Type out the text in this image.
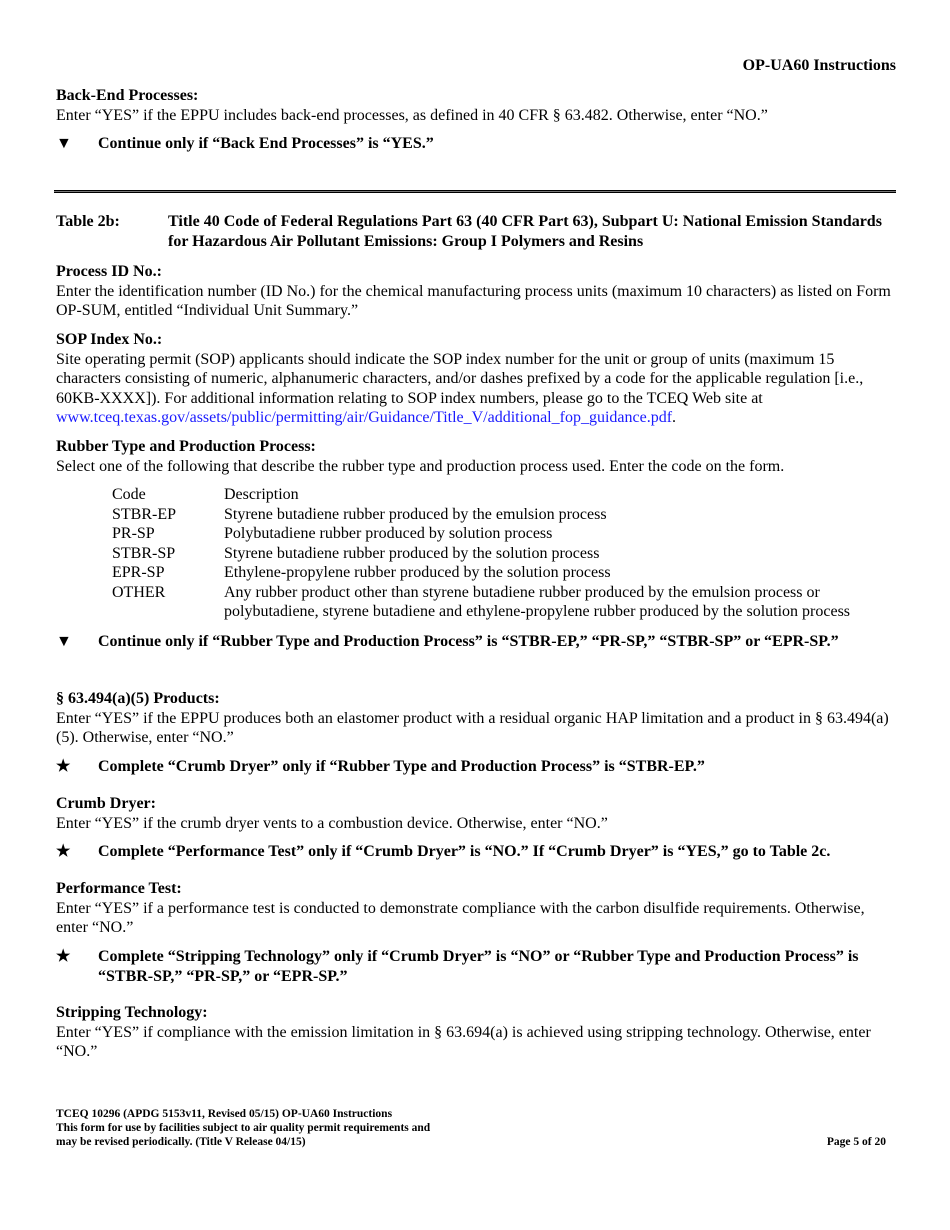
OP-UA60 Instructions

Back-End Processes:

Enter “YES” if the EPPU includes back-end processes, as defined in 40 CFR § 63.482. Otherwise, enter “NO.”

▼	Continue only if “Back End Processes” is “YES.”
Table 2b:	Title 40 Code of Federal Regulations Part 63 (40 CFR Part 63), Subpart U: National Emission Standards for Hazardous Air Pollutant Emissions: Group I Polymers and Resins

Process ID No.:

Enter the identification number (ID No.) for the chemical manufacturing process units (maximum 10 characters) as listed on Form OP-SUM, entitled “Individual Unit Summary.”

SOP Index No.:

Site operating permit (SOP) applicants should indicate the SOP index number for the unit or group of units (maximum 15 characters consisting of numeric, alphanumeric characters, and/or dashes prefixed by a code for the applicable regulation [i.e., 60KB-XXXX]). For additional information relating to SOP index numbers, please go to the TCEQ Web site at www.tceq.texas.gov/assets/public/permitting/air/Guidance/Title_V/additional_fop_guidance.pdf.

Rubber Type and Production Process:

Select one of the following that describe the rubber type and production process used. Enter the code on the form.

Code	Description
STBR-EP	Styrene butadiene rubber produced by the emulsion process
PR-SP	Polybutadiene rubber produced by solution process
STBR-SP	Styrene butadiene rubber produced by the solution process
EPR-SP	Ethylene-propylene rubber produced by the solution process
OTHER	Any rubber product other than styrene butadiene rubber produced by the emulsion process or polybutadiene, styrene butadiene and ethylene-propylene rubber produced by the solution process
▼	Continue only if “Rubber Type and Production Process” is “STBR-EP,” “PR-SP,” “STBR-SP” or “EPR-SP.”

§ 63.494(a)(5) Products:

Enter “YES” if the EPPU produces both an elastomer product with a residual organic HAP limitation and a product in § 63.494(a)(5). Otherwise, enter “NO.”

★	Complete “Crumb Dryer” only if “Rubber Type and Production Process” is “STBR-EP.”

Crumb Dryer:

Enter “YES” if the crumb dryer vents to a combustion device. Otherwise, enter “NO.”

★	Complete “Performance Test” only if “Crumb Dryer” is “NO.” If “Crumb Dryer” is “YES,” go to Table 2c.

Performance Test:

Enter “YES” if a performance test is conducted to demonstrate compliance with the carbon disulfide requirements. Otherwise, enter “NO.”

★	Complete “Stripping Technology” only if “Crumb Dryer” is “NO” or “Rubber Type and Production Process” is “STBR-SP,” “PR-SP,” or “EPR-SP.”

Stripping Technology:

Enter “YES” if compliance with the emission limitation in § 63.694(a) is achieved using stripping technology. Otherwise, enter “NO.”

TCEQ 10296 (APDG 5153v11, Revised 05/15) OP-UA60 Instructions
This form for use by facilities subject to air quality permit requirements and
may be revised periodically. (Title V Release 04/15)	Page 5 of 20
